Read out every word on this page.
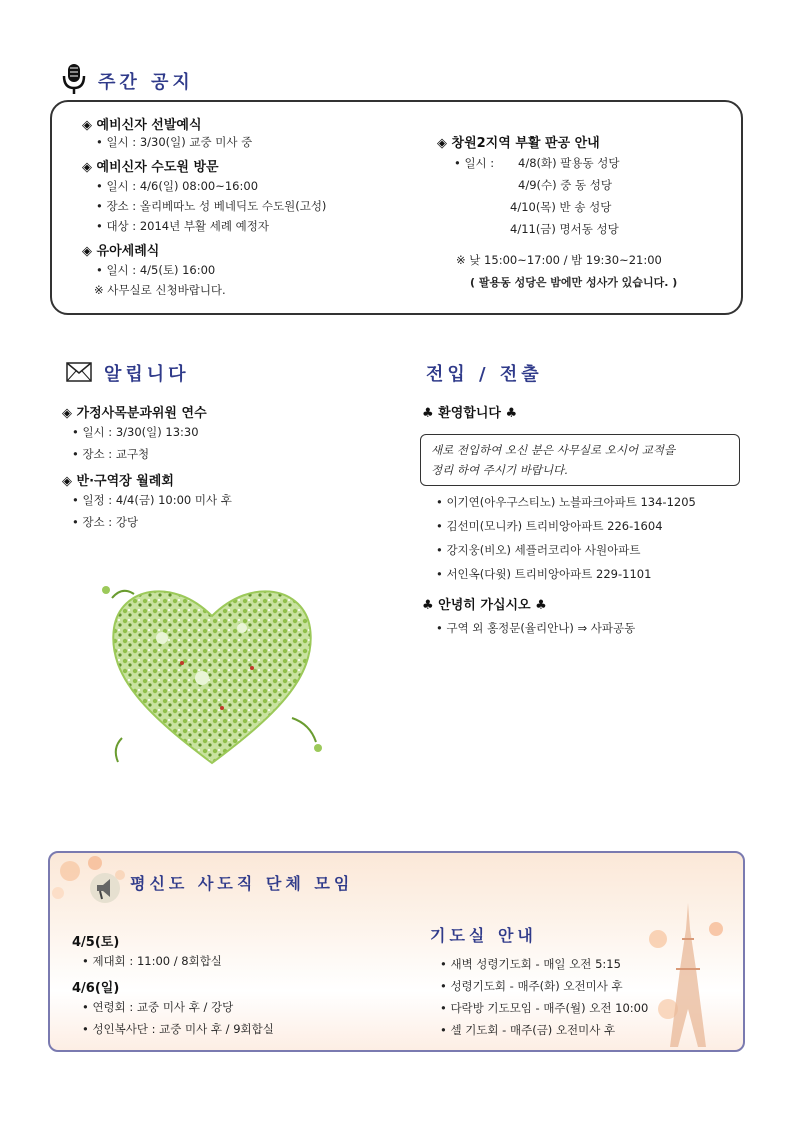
주간 공지
◈ 예비신자 선발예식
• 일시 : 3/30(일) 교중 미사 중
◈ 예비신자 수도원 방문
• 일시 : 4/6(일) 08:00~16:00
• 장소 : 올리베따노 성 베네딕도 수도원(고성)
• 대상 : 2014년 부활 세례 예정자
◈ 유아세례식
• 일시 : 4/5(토) 16:00
※ 사무실로 신청바랍니다.
◈ 창원2지역 부활 판공 안내
• 일시 : 4/8(화) 팔용동 성당
4/9(수) 중 동 성당
4/10(목) 반 송 성당
4/11(금) 명서동 성당
※ 낮 15:00~17:00 / 밤 19:30~21:00
( 팔용동 성당은 밤에만 성사가 있습니다. )
알립니다
◈ 가정사목분과위원 연수
• 일시 : 3/30(일) 13:30
• 장소 : 교구청
◈ 반·구역장 월례회
• 일정 : 4/4(금) 10:00 미사 후
• 장소 : 강당
전입 / 전출
♣ 환영합니다 ♣
새로 전입하여 오신 분은 사무실로 오시어 교적을
정리 하여 주시기 바랍니다.
• 이기연(아우구스티노) 노블파크아파트 134-1205
• 김선미(모니카) 트리비앙아파트 226-1604
• 강지웅(비오) 세플러코리아 사원아파트
• 서인옥(다윗) 트리비앙아파트 229-1101
♣ 안녕히 가십시오 ♣
• 구역 외 홍정문(율리안나) ⇒ 사파공동
평신도 사도직 단체 모임
4/5(토)
• 제대회 : 11:00 / 8회합실
4/6(일)
• 연령회 : 교중 미사 후 / 강당
• 성인복사단 : 교중 미사 후 / 9회합실
기도실 안내
• 새벽 성령기도회 - 매일 오전 5:15
• 성령기도회 - 매주(화) 오전미사 후
• 다락방 기도모임 - 매주(월) 오전 10:00
• 셀 기도회 - 매주(금) 오전미사 후
